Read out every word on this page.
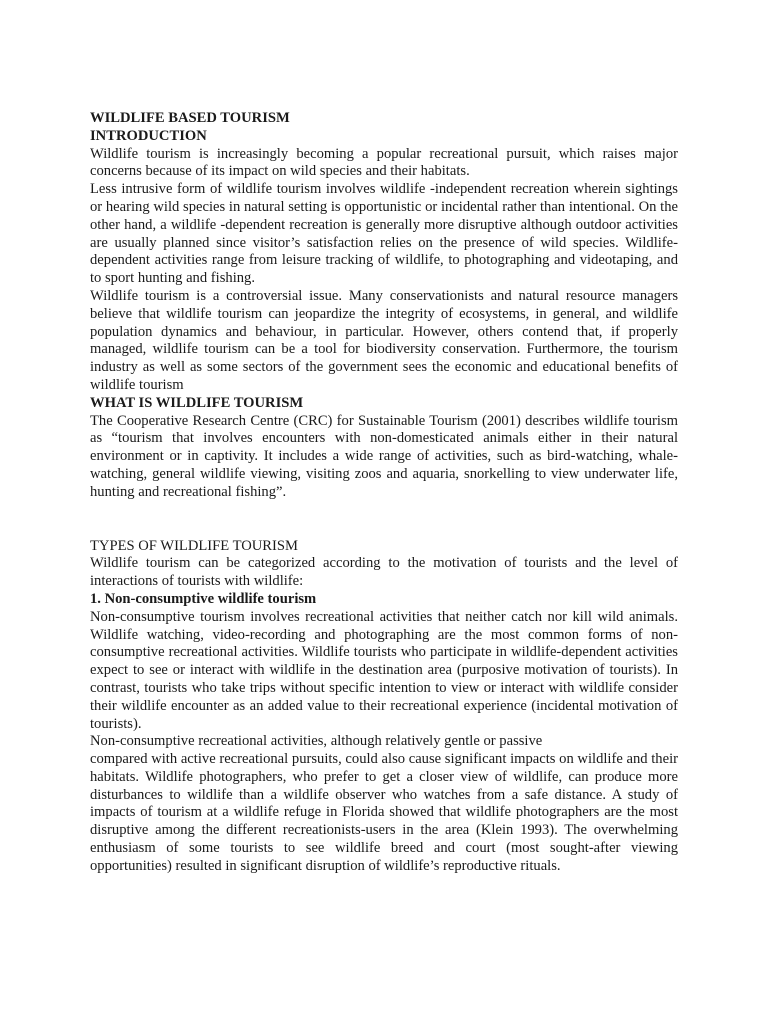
WILDLIFE BASED TOURISM
INTRODUCTION

Wildlife tourism is increasingly becoming a popular recreational pursuit, which raises major concerns because of its impact on wild species and their habitats.

Less intrusive form of wildlife tourism involves wildlife -independent recreation wherein sightings or hearing wild species in natural setting is opportunistic or incidental rather than intentional. On the other hand, a wildlife -dependent recreation is generally more disruptive although outdoor activities are usually planned since visitor’s satisfaction relies on the presence of wild species. Wildlife-dependent activities range from leisure tracking of wildlife, to photographing and videotaping, and to sport hunting and fishing.

Wildlife tourism is a controversial issue. Many conservationists and natural resource managers believe that wildlife tourism can jeopardize the integrity of ecosystems, in general, and wildlife population dynamics and behaviour, in particular. However, others contend that, if properly managed, wildlife tourism can be a tool for biodiversity conservation. Furthermore, the tourism industry as well as some sectors of the government sees the economic and educational benefits of wildlife tourism

WHAT IS WILDLIFE TOURISM

The Cooperative Research Centre (CRC) for Sustainable Tourism (2001) describes wildlife tourism as “tourism that involves encounters with non-domesticated animals either in their natural environment or in captivity. It includes a wide range of activities, such as bird-watching, whale-watching, general wildlife viewing, visiting zoos and aquaria, snorkelling to view underwater life, hunting and recreational fishing”.

TYPES OF WILDLIFE TOURISM

Wildlife tourism can be categorized according to the motivation of tourists and the level of interactions of tourists with wildlife:

1. Non-consumptive wildlife tourism

Non-consumptive tourism involves recreational activities that neither catch nor kill wild animals. Wildlife watching, video-recording and photographing are the most common forms of non-consumptive recreational activities. Wildlife tourists who participate in wildlife-dependent activities expect to see or interact with wildlife in the destination area (purposive motivation of tourists). In contrast, tourists who take trips without specific intention to view or interact with wildlife consider their wildlife encounter as an added value to their recreational experience (incidental motivation of tourists).

Non-consumptive recreational activities, although relatively gentle or passive

compared with active recreational pursuits, could also cause significant impacts on wildlife and their habitats. Wildlife photographers, who prefer to get a closer view of wildlife, can produce more disturbances to wildlife than a wildlife observer who watches from a safe distance. A study of impacts of tourism at a wildlife refuge in Florida showed that wildlife photographers are the most disruptive among the different recreationists-users in the area (Klein 1993). The overwhelming enthusiasm of some tourists to see wildlife breed and court (most sought-after viewing opportunities) resulted in significant disruption of wildlife’s reproductive rituals.
